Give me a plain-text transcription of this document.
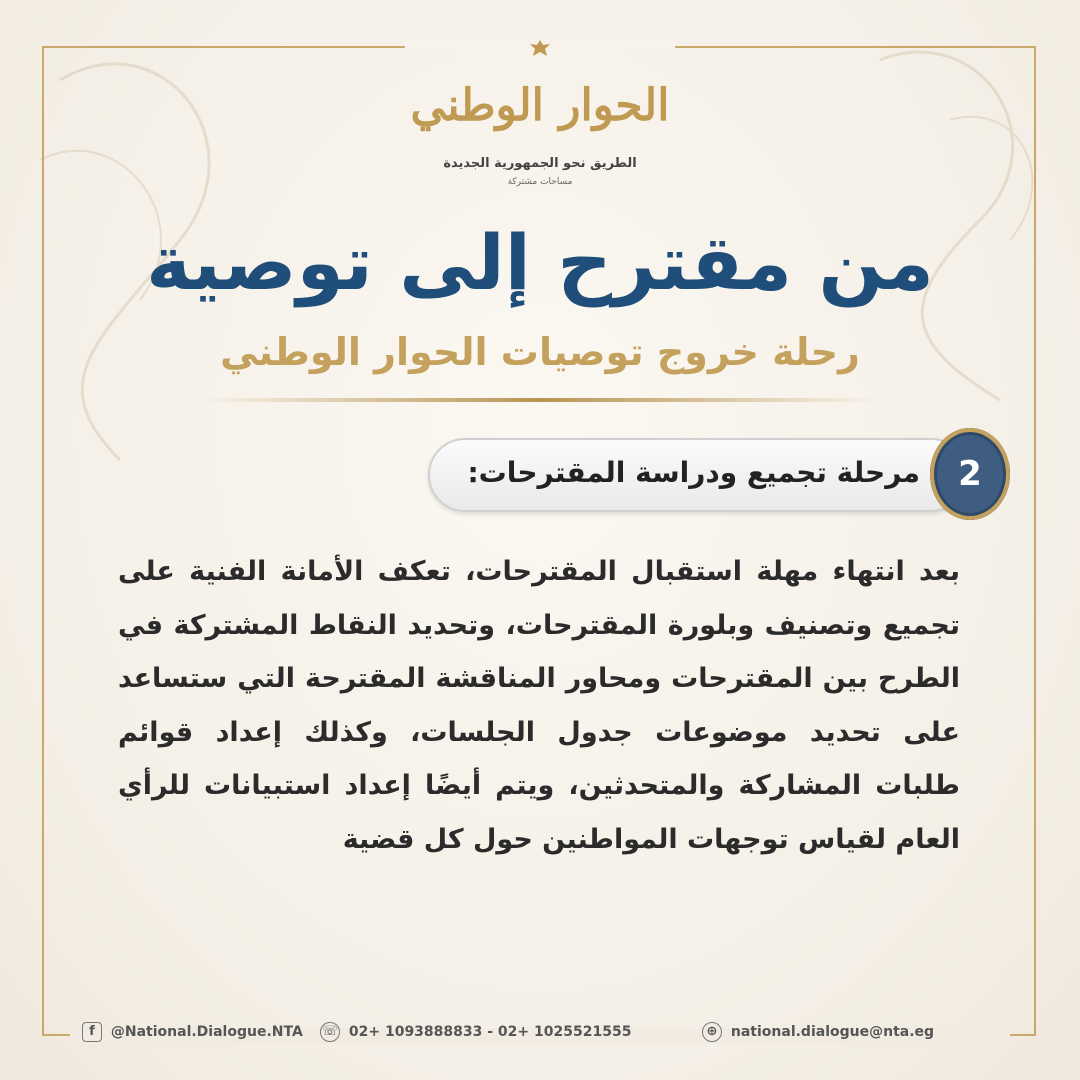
الحوار الوطني
الطريق نحو الجمهورية الجديدة
مساحات مشتركة
من مقترح إلى توصية
رحلة خروج توصيات الحوار الوطني
مرحلة تجميع ودراسة المقترحات:	2
بعد انتهاء مهلة استقبال المقترحات، تعكف الأمانة الفنية على تجميع وتصنيف وبلورة المقترحات، وتحديد النقاط المشتركة في الطرح بين المقترحات ومحاور المناقشة المقترحة التي ستساعد على تحديد موضوعات جدول الجلسات، وكذلك إعداد قوائم طلبات المشاركة والمتحدثين، ويتم أيضًا إعداد استبيانات للرأي العام لقياس توجهات المواطنين حول كل قضية
f @National.Dialogue.NTA ☏ 02+ 1093888833 - 02+ 1025521555	⊕ national.dialogue@nta.eg
